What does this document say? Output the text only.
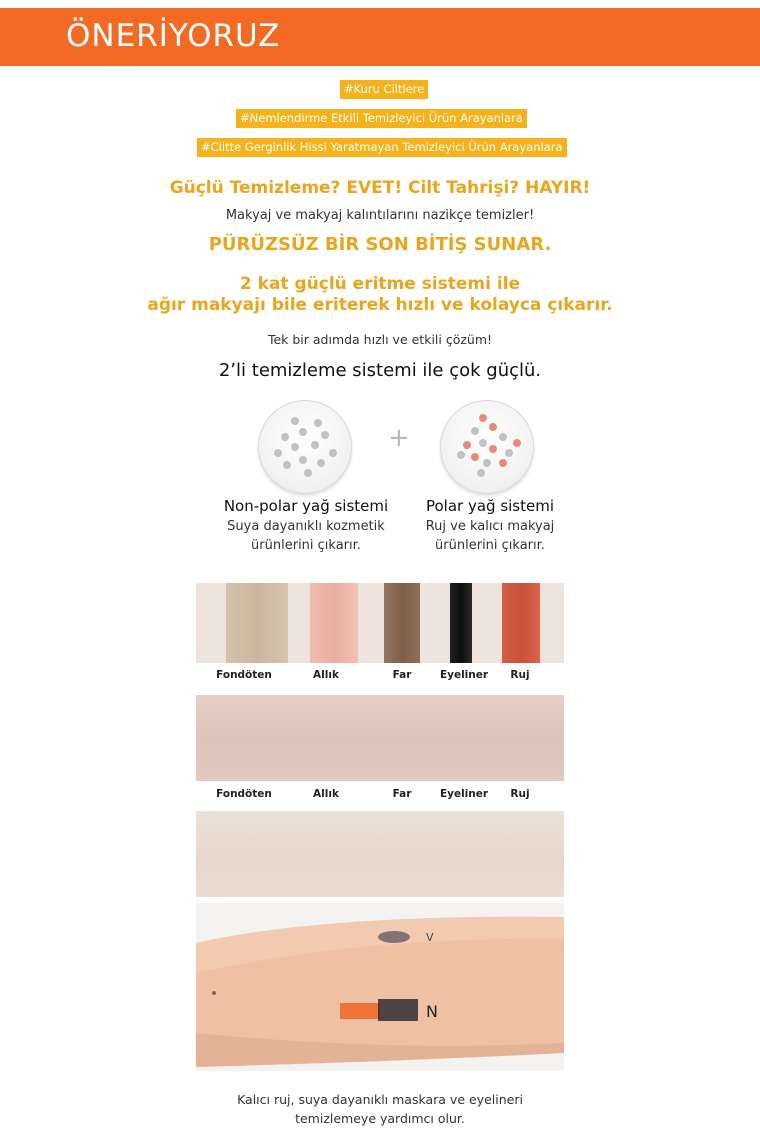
ÖNERİYORUZ
#Kuru Ciltlere
#Nemlendirme Etkili Temizleyici Ürün Arayanlara
#Ciltte Gerginlik Hissi Yaratmayan Temizleyici Ürün Arayanlara
Güçlü Temizleme? EVET! Cilt Tahrişi? HAYIR!
Makyaj ve makyaj kalıntılarını nazikçe temizler!
PÜRÜZSÜZ BİR SON BİTİŞ SUNAR.
2 kat güçlü eritme sistemi ile
ağır makyajı bile eriterek hızlı ve kolayca çıkarır.
Tek bir adımda hızlı ve etkili çözüm!
2’li temizleme sistemi ile çok güçlü.
+
Non-polar yağ sistemi
Suya dayanıklı kozmetik
ürünlerini çıkarır.
Polar yağ sistemi
Ruj ve kalıcı makyaj
ürünlerini çıkarır.
Fondöten	Allık	Far	Eyeliner Ruj
Fondöten	Allık	Far	Eyeliner Ruj
V
N
Kalıcı ruj, suya dayanıklı maskara ve eyelineri
temizlemeye yardımcı olur.
